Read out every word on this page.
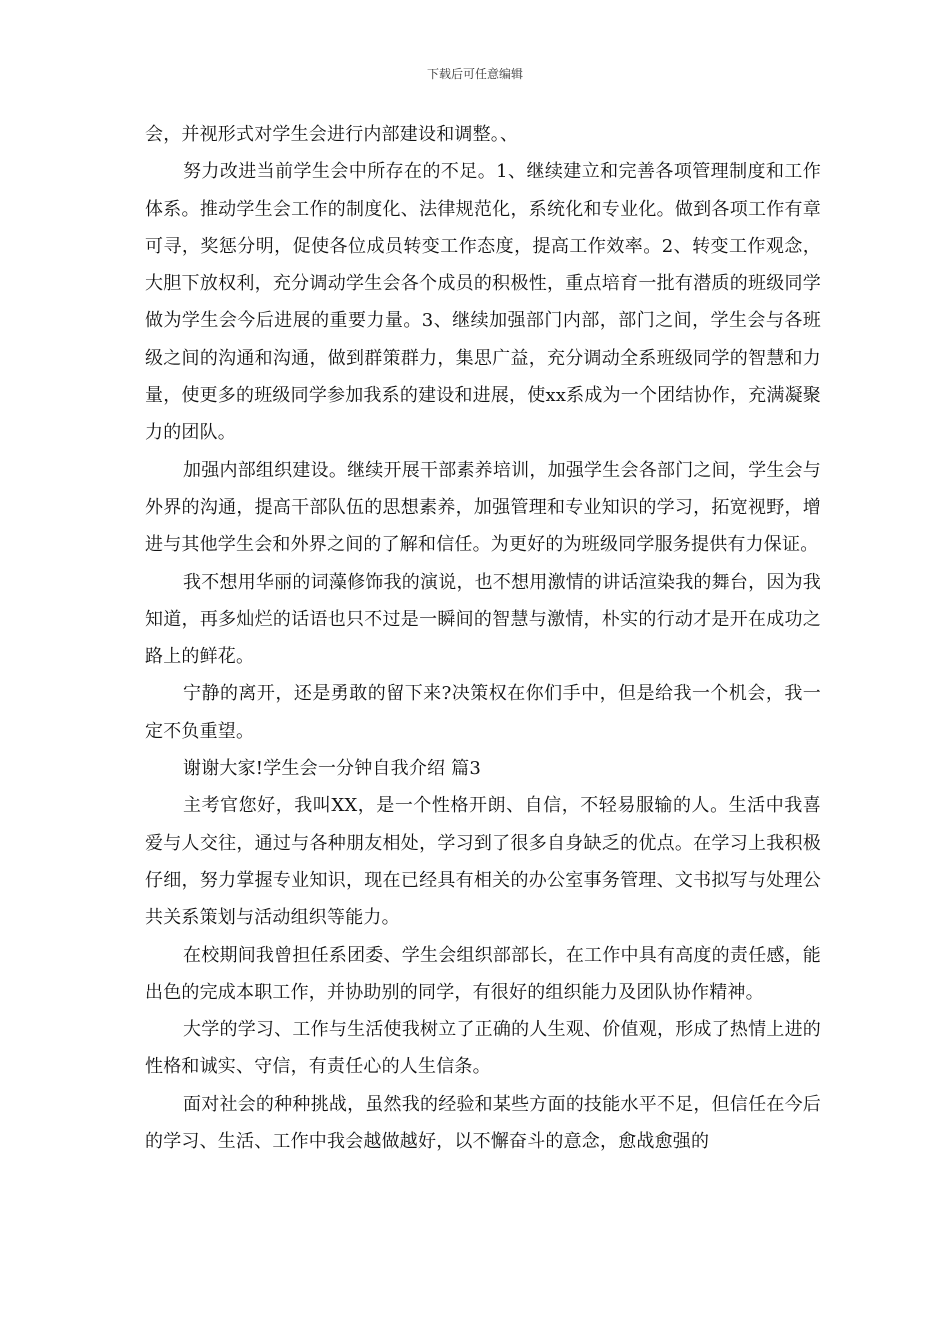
下载后可任意编辑

会，并视形式对学生会进行内部建设和调整。、

努力改进当前学生会中所存在的不足。1、继续建立和完善各项管理制度和工作体系。推动学生会工作的制度化、法律规范化，系统化和专业化。做到各项工作有章可寻，奖惩分明，促使各位成员转变工作态度，提高工作效率。2、转变工作观念，大胆下放权利，充分调动学生会各个成员的积极性，重点培育一批有潜质的班级同学做为学生会今后进展的重要力量。3、继续加强部门内部，部门之间，学生会与各班级之间的沟通和沟通，做到群策群力，集思广益，充分调动全系班级同学的智慧和力量，使更多的班级同学参加我系的建设和进展，使xx系成为一个团结协作，充满凝聚力的团队。

加强内部组织建设。继续开展干部素养培训，加强学生会各部门之间，学生会与外界的沟通，提高干部队伍的思想素养，加强管理和专业知识的学习，拓宽视野，增进与其他学生会和外界之间的了解和信任。为更好的为班级同学服务提供有力保证。

我不想用华丽的词藻修饰我的演说，也不想用激情的讲话渲染我的舞台，因为我知道，再多灿烂的话语也只不过是一瞬间的智慧与激情，朴实的行动才是开在成功之路上的鲜花。

宁静的离开，还是勇敢的留下来?决策权在你们手中，但是给我一个机会，我一定不负重望。

谢谢大家!学生会一分钟自我介绍 篇3

主考官您好，我叫XX，是一个性格开朗、自信，不轻易服输的人。生活中我喜爱与人交往，通过与各种朋友相处，学习到了很多自身缺乏的优点。在学习上我积极仔细，努力掌握专业知识，现在已经具有相关的办公室事务管理、文书拟写与处理公共关系策划与活动组织等能力。

在校期间我曾担任系团委、学生会组织部部长，在工作中具有高度的责任感，能出色的完成本职工作，并协助别的同学，有很好的组织能力及团队协作精神。

大学的学习、工作与生活使我树立了正确的人生观、价值观，形成了热情上进的性格和诚实、守信，有责任心的人生信条。

面对社会的种种挑战，虽然我的经验和某些方面的技能水平不足，但信任在今后的学习、生活、工作中我会越做越好，以不懈奋斗的意念，愈战愈强的
